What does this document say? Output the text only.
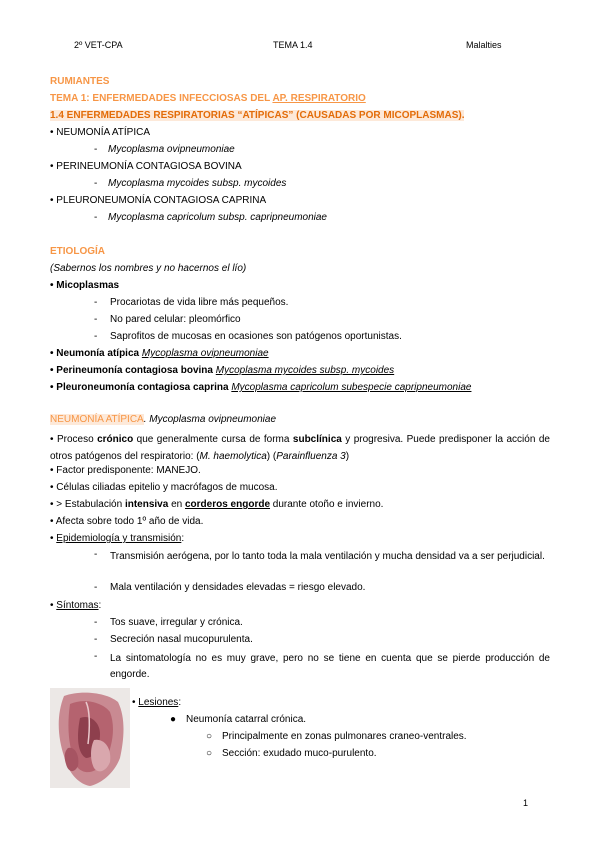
2º VET-CPA	TEMA 1.4	Malalties
RUMIANTES
TEMA 1: ENFERMEDADES INFECCIOSAS DEL AP. RESPIRATORIO
1.4 ENFERMEDADES RESPIRATORIAS “ATÍPICAS” (CAUSADAS POR MICOPLASMAS).
• NEUMONÍA ATÍPICA
- Mycoplasma ovipneumoniae
• PERINEUMONÍA CONTAGIOSA BOVINA
- Mycoplasma mycoides subsp. mycoides
• PLEURONEUMONÍA CONTAGIOSA CAPRINA
- Mycoplasma capricolum subsp. capripneumoniae
ETIOLOGÍA
(Sabernos los nombres y no hacernos el lío)
• Micoplasmas
- Procariotas de vida libre más pequeños.
- No pared celular: pleomórfico
- Saprofitos de mucosas en ocasiones son patógenos oportunistas.
• Neumonía atípica Mycoplasma ovipneumoniae
• Perineumonía contagiosa bovina Mycoplasma mycoides subsp. mycoides
• Pleuroneumonía contagiosa caprina Mycoplasma capricolum subespecie capripneumoniae
NEUMONÍA ATÍPICA. Mycoplasma ovipneumoniae
• Proceso crónico que generalmente cursa de forma subclínica y progresiva. Puede predisponer la acción de otros patógenos del respiratorio: (M. haemolytica) (Parainfluenza 3)
• Factor predisponente: MANEJO.
• Células ciliadas epitelio y macrófagos de mucosa.
• > Estabulación intensiva en corderos engorde durante otoño e invierno.
• Afecta sobre todo 1º año de vida.
• Epidemiología y transmisión:
- Transmisión aerógena, por lo tanto toda la mala ventilación y mucha densidad va a ser perjudicial.
- Mala ventilación y densidades elevadas = riesgo elevado.
• Síntomas:
- Tos suave, irregular y crónica.
- Secreción nasal mucopurulenta.
- La sintomatología no es muy grave, pero no se tiene en cuenta que se pierde producción de engorde.
• Lesiones:
● Neumonía catarral crónica.
○ Principalmente en zonas pulmonares craneo-ventrales.
○ Sección: exudado muco-purulento.
1
